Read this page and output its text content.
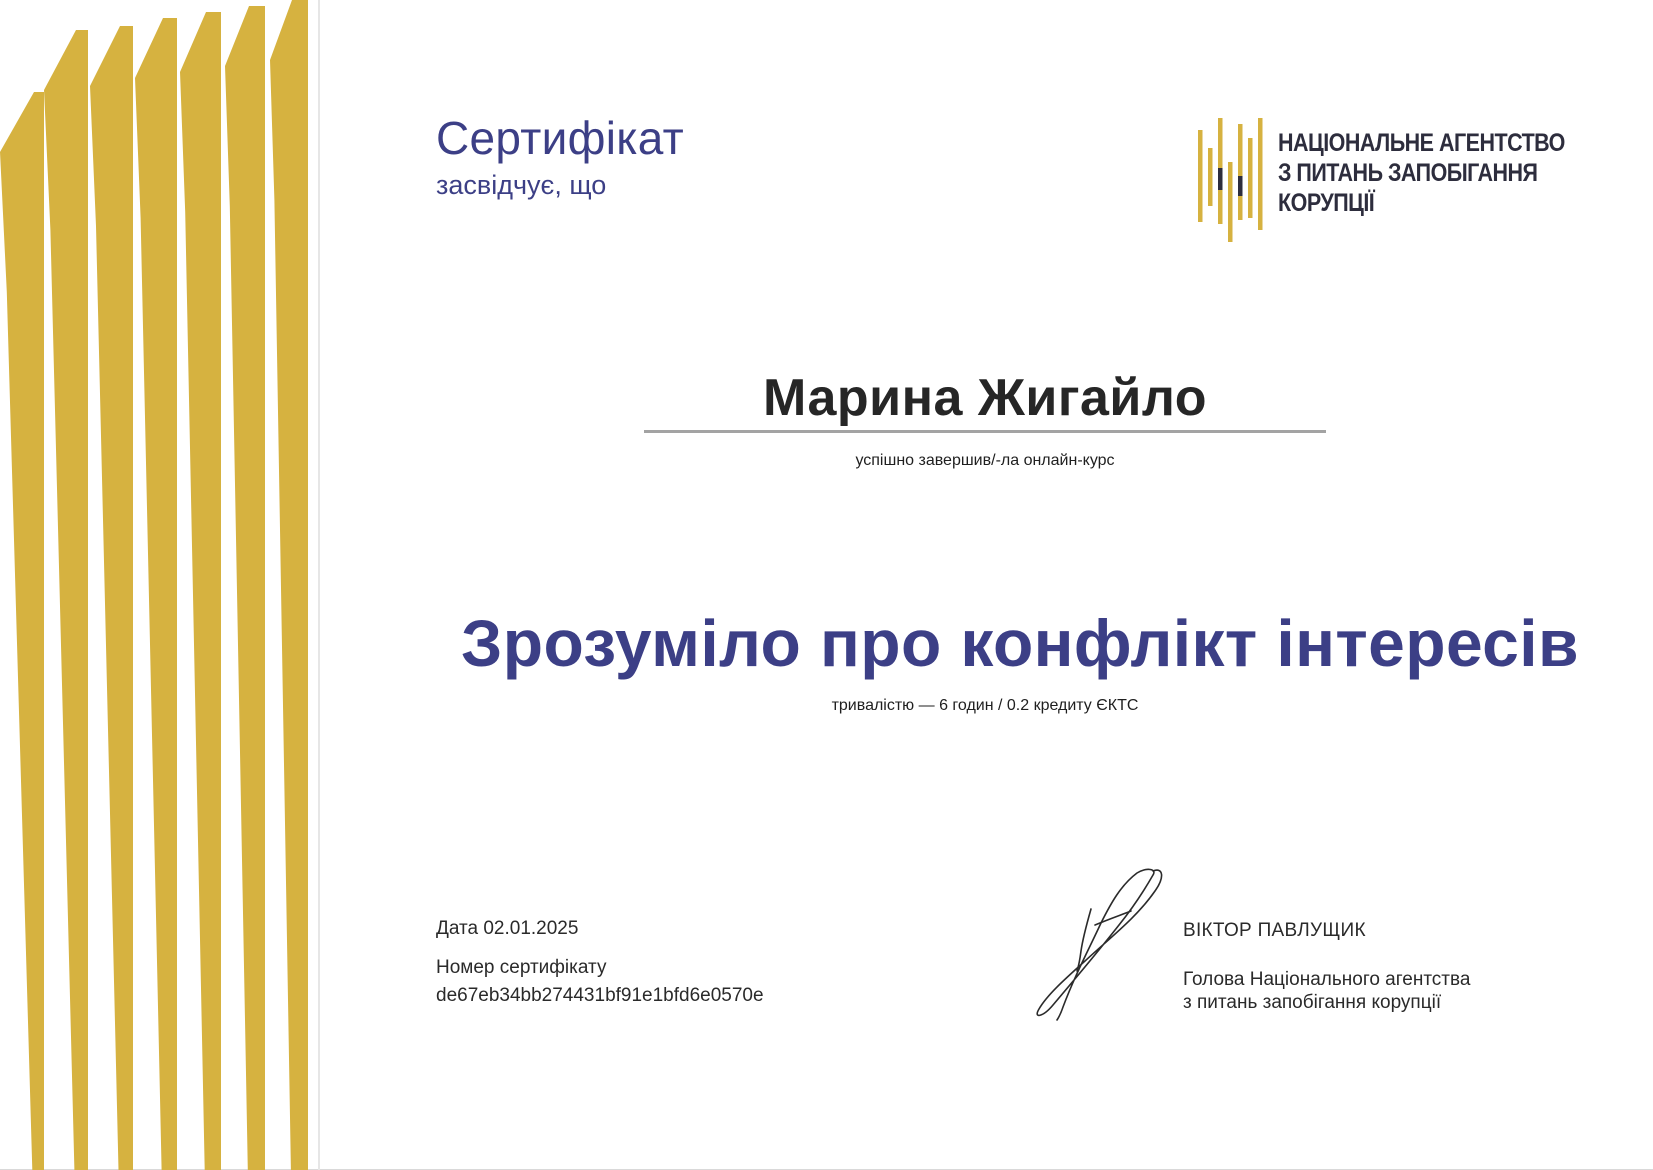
Сертифікат
засвідчує, що
НАЦІОНАЛЬНЕ АГЕНТСТВО
З ПИТАНЬ ЗАПОБІГАННЯ
КОРУПЦІЇ
Марина Жигайло
успішно завершив/-ла онлайн-курс
Зрозуміло про конфлікт інтересів
тривалістю — 6 годин / 0.2 кредиту ЄКТС
Дата 02.01.2025
Номер сертифікату
de67eb34bb274431bf91e1bfd6e0570e
ВІКТОР ПАВЛУЩИК
Голова Національного агентства
з питань запобігання корупції
